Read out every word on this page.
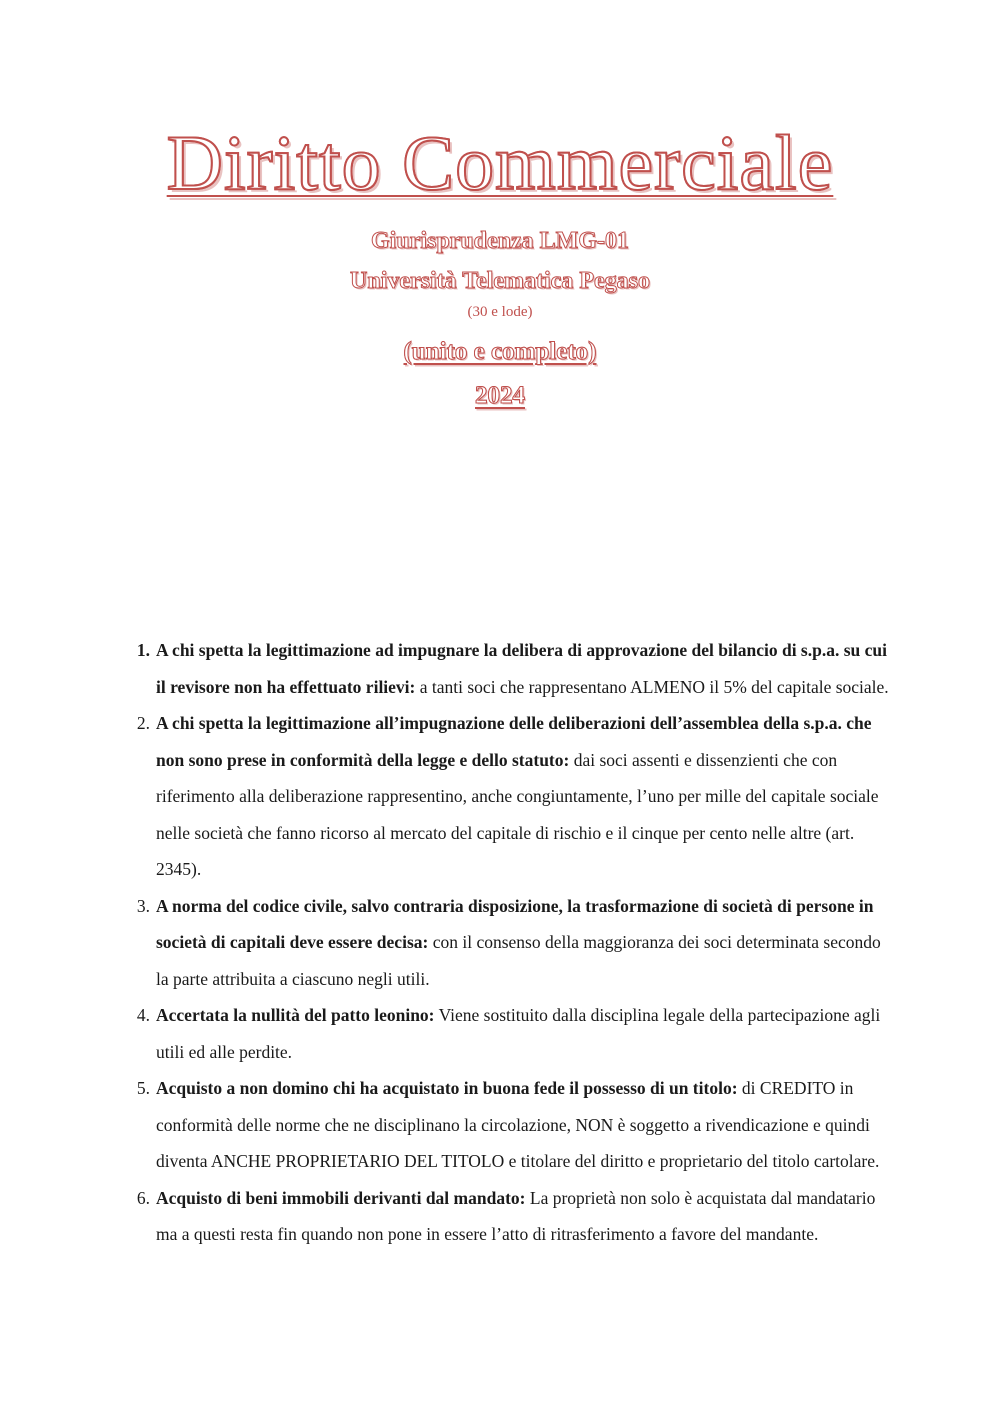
Diritto Commerciale

Giurisprudenza LMG-01

Università Telematica Pegaso

(30 e lode)

(unito e completo)

2024

1. A chi spetta la legittimazione ad impugnare la delibera di approvazione del bilancio di s.p.a. su cui il revisore non ha effettuato rilievi: a tanti soci che rappresentano ALMENO il 5% del capitale sociale.
2. A chi spetta la legittimazione all’impugnazione delle deliberazioni dell’assemblea della s.p.a. che non sono prese in conformità della legge e dello statuto: dai soci assenti e dissenzienti che con riferimento alla deliberazione rappresentino, anche congiuntamente, l’uno per mille del capitale sociale nelle società che fanno ricorso al mercato del capitale di rischio e il cinque per cento nelle altre (art. 2345).
3. A norma del codice civile, salvo contraria disposizione, la trasformazione di società di persone in società di capitali deve essere decisa: con il consenso della maggioranza dei soci determinata secondo la parte attribuita a ciascuno negli utili.
4. Accertata la nullità del patto leonino: Viene sostituito dalla disciplina legale della partecipazione agli utili ed alle perdite.
5. Acquisto a non domino chi ha acquistato in buona fede il possesso di un titolo: di CREDITO in conformità delle norme che ne disciplinano la circolazione, NON è soggetto a rivendicazione e quindi diventa ANCHE PROPRIETARIO DEL TITOLO e titolare del diritto e proprietario del titolo cartolare.
6. Acquisto di beni immobili derivanti dal mandato: La proprietà non solo è acquistata dal mandatario ma a questi resta fin quando non pone in essere l’atto di ritrasferimento a favore del mandante.
